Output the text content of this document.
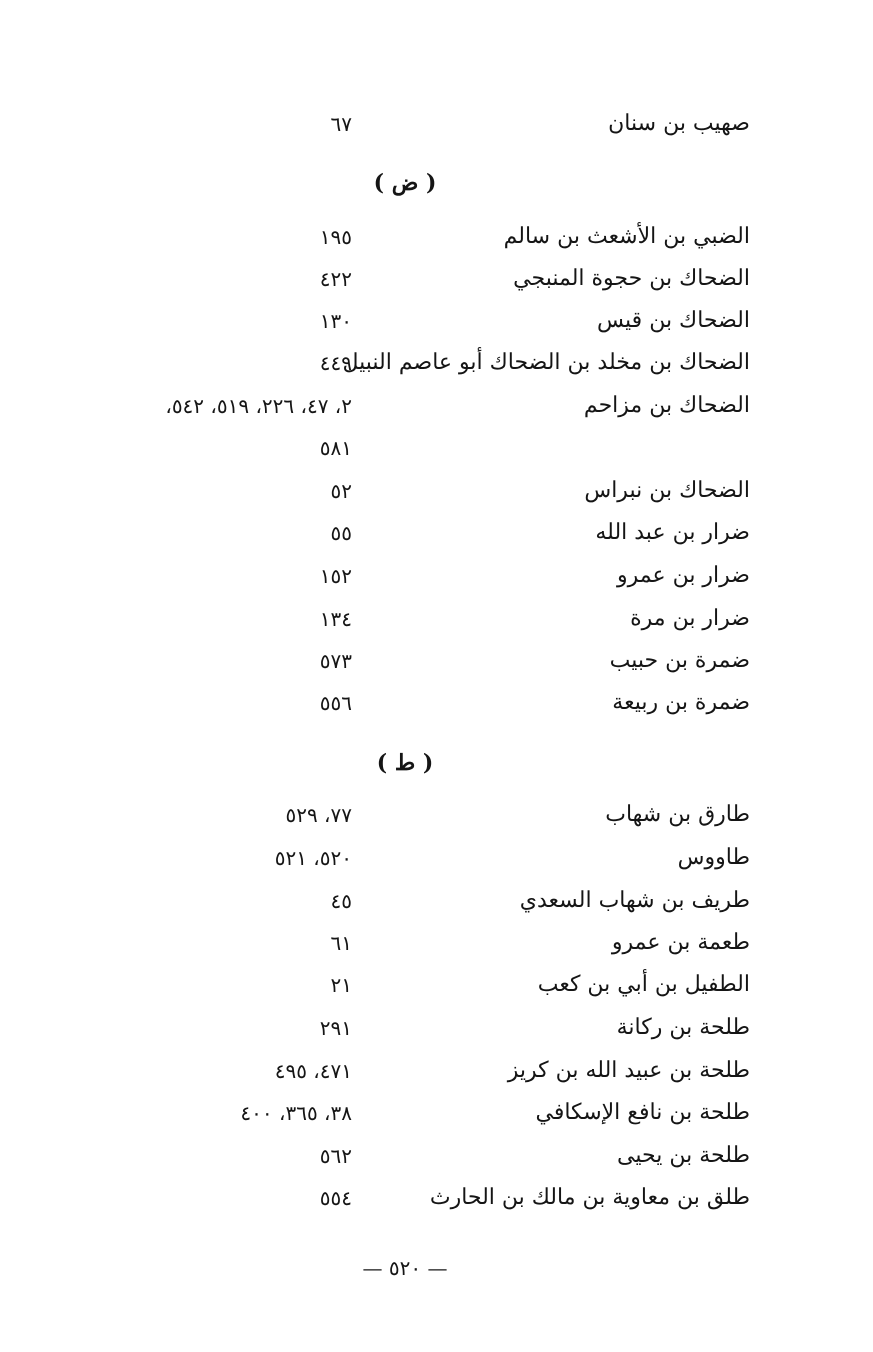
صهيب بن سنان
٦٧
( ض )
الضبي بن الأشعث بن سالم
١٩٥
الضحاك بن حجوة المنبجي
٤٢٢
الضحاك بن قيس
١٣٠
الضحاك بن مخلد بن الضحاك أبو عاصم النبيل
٤٤٩
الضحاك بن مزاحم
٢، ٤٧، ٢٢٦، ٥١٩، ٥٤٢،
٥٨١
الضحاك بن نبراس
٥٢
ضرار بن عبد الله
٥٥
ضرار بن عمرو
١٥٢
ضرار بن مرة
١٣٤
ضمرة بن حبيب
٥٧٣
ضمرة بن ربيعة
٥٥٦
( ط )
طارق بن شهاب
٧٧، ٥٢٩
طاووس
٥٢٠، ٥٢١
طريف بن شهاب السعدي
٤٥
طعمة بن عمرو
٦١
الطفيل بن أبي بن كعب
٢١
طلحة بن ركانة
٢٩١
طلحة بن عبيد الله بن كريز
٤٧١، ٤٩٥
طلحة بن نافع الإسكافي
٣٨، ٣٦٥، ٤٠٠
طلحة بن يحيى
٥٦٢
طلق بن معاوية بن مالك بن الحارث
٥٥٤
— ٥٢٠ —
